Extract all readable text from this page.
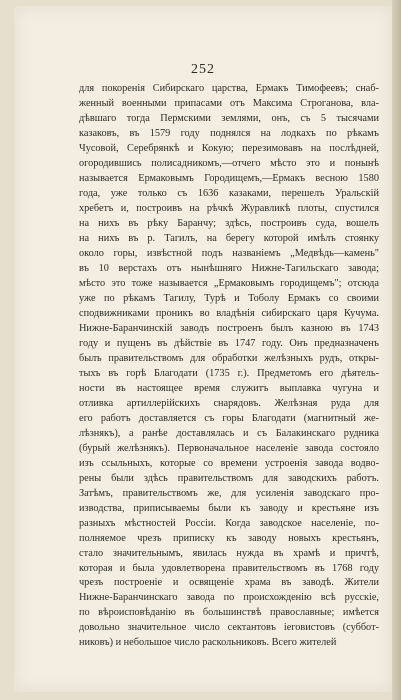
252
для покоренія Сибирскаго царства, Ермакъ Тимофеевъ; снаб-
женный военными припасами отъ Максима Строганова, вла-
дѣвшаго тогда Пермскими землями, онъ, съ 5 тысячами
казаковъ, въ 1579 году поднялся на лодкахъ по рѣкамъ
Чусовой, Серебрянкѣ и Кокую; перезимовавъ на послѣдней,
огородившись полисадникомъ,—отчего мѣсто это и понынѣ
называется Ермаковымъ Городищемъ,—Ермакъ весною 1580
года, уже только съ 1636 казаками, перешелъ Уральскій
хребетъ и, построивъ на рѣчкѣ Журавликѣ плоты, спустился
на нихъ въ рѣку Баранчу; здѣсь, построивъ суда, вошелъ
на нихъ въ р. Тагилъ, на берегу которой имѣлъ стоянку
около горы, извѣстной подъ названіемъ „Медвѣдь—камень"
въ 10 верстахъ отъ нынѣшняго Нижне-Тагильскаго завода;
мѣсто это тоже называется „Ермаковымъ городищемъ"; отсюда
уже по рѣкамъ Тагилу, Турѣ и Тоболу Ермакъ со своими
сподвижниками проникъ во владѣнія сибирскаго царя Кучума.
Нижне-Баранчинскій заводъ построенъ былъ казною въ 1743
году и пущенъ въ дѣйствіе въ 1747 году. Онъ предназначенъ
былъ правительствомъ для обработки желѣзныхъ рудъ, откры-
тыхъ въ горѣ Благодати (1735 г.). Предметомъ его дѣятель-
ности въ настоящее время служитъ выплавка чугуна и
отливка артиллерійскихъ снарядовъ. Желѣзная руда для
его работъ доставляется съ горы Благодати (магнитный же-
лѣзнякъ), а ранѣе доставлялась и съ Балакинскаго рудника
(бурый желѣзнякъ). Первоначальное населеніе завода состояло
изъ ссыльныхъ, которые со времени устроенія завода водво-
рены были здѣсь правительствомъ для заводскихъ работъ.
Затѣмъ, правительствомъ же, для усиленія заводскаго про-
изводства, приписываемы были къ заводу и крестьяне изъ
разныхъ мѣстностей Россіи. Когда заводское населеніе, по-
полняемое чрезъ приписку къ заводу новыхъ крестьянъ,
стало значительнымъ, явилась нужда въ храмѣ и причтѣ,
которая и была удовлетворена правительствомъ въ 1768 году
чрезъ построеніе и освященіе храма въ заводѣ. Жители
Нижне-Баранчинскаго завода по происхожденію всѣ русскіе,
по вѣроисповѣданію въ большинствѣ православные; имѣется
довольно значительное число сектантовъ іеговистовъ (суббот-
никовъ) и небольшое число раскольниковъ. Всего жителей
